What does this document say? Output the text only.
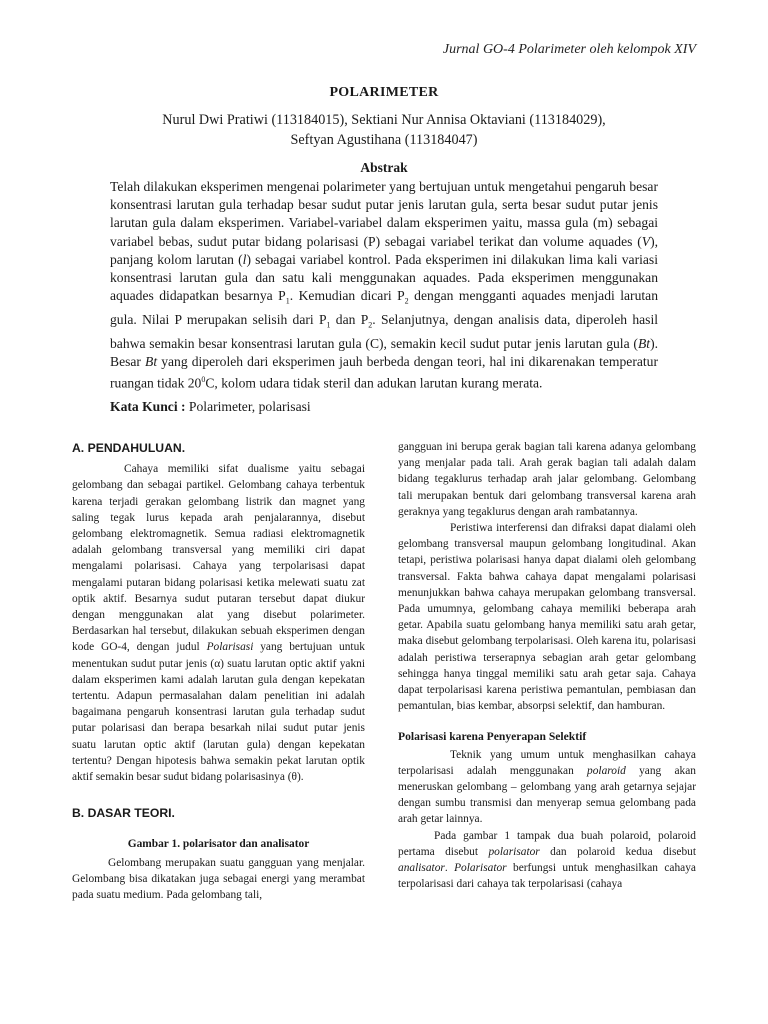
Jurnal GO-4 Polarimeter oleh kelompok XIV
POLARIMETER
Nurul Dwi Pratiwi (113184015), Sektiani Nur Annisa Oktaviani (113184029),
Seftyan Agustihana (113184047)
Abstrak
Telah dilakukan eksperimen mengenai polarimeter yang bertujuan untuk mengetahui pengaruh besar konsentrasi larutan gula terhadap besar sudut putar jenis larutan gula, serta besar sudut putar jenis larutan gula dalam eksperimen. Variabel-variabel dalam eksperimen yaitu, massa gula (m) sebagai variabel bebas, sudut putar bidang polarisasi (P) sebagai variabel terikat dan volume aquades (V), panjang kolom larutan (l) sebagai variabel kontrol. Pada eksperimen ini dilakukan lima kali variasi konsentrasi larutan gula dan satu kali menggunakan aquades. Pada eksperimen menggunakan aquades didapatkan besarnya $P_1$. Kemudian dicari $P_2$ dengan mengganti aquades menjadi larutan gula. Nilai P merupakan selisih dari $P_1$ dan $P_2$. Selanjutnya, dengan analisis data, diperoleh hasil bahwa semakin besar konsentrasi larutan gula (C), semakin kecil sudut putar jenis larutan gula (Bt). Besar Bt yang diperoleh dari eksperimen jauh berbeda dengan teori, hal ini dikarenakan temperatur ruangan tidak $20^0C$, kolom udara tidak steril dan adukan larutan kurang merata.
Kata Kunci : Polarimeter, polarisasi

A. PENDAHULUAN.

Cahaya memiliki sifat dualisme yaitu sebagai gelombang dan sebagai partikel. Gelombang cahaya terbentuk karena terjadi gerakan gelombang listrik dan magnet yang saling tegak lurus kepada arah penjalarannya, disebut gelombang elektromagnetik. Semua radiasi elektromagnetik adalah gelombang transversal yang memiliki ciri dapat mengalami polarisasi. Cahaya yang terpolarisasi dapat mengalami putaran bidang polarisasi ketika melewati suatu zat optik aktif. Besarnya sudut putaran tersebut dapat diukur dengan menggunakan alat yang disebut polarimeter. Berdasarkan hal tersebut, dilakukan sebuah eksperimen dengan kode GO-4, dengan judul Polarisasi yang bertujuan untuk menentukan sudut putar jenis (α) suatu larutan optic aktif yakni dalam eksperimen kami adalah larutan gula dengan kepekatan tertentu. Adapun permasalahan dalam penelitian ini adalah bagaimana pengaruh konsentrasi larutan gula terhadap sudut putar polarisasi dan berapa besarkah nilai sudut putar jenis suatu larutan optic aktif (larutan gula) dengan kepekatan tertentu? Dengan hipotesis bahwa semakin pekat larutan optik aktif semakin besar sudut bidang polarisasinya (θ).

B. DASAR TEORI.

Gambar 1. polarisator dan analisator

Gelombang merupakan suatu gangguan yang menjalar. Gelombang bisa dikatakan juga sebagai energi yang merambat pada suatu medium. Pada gelombang tali,

gangguan ini berupa gerak bagian tali karena adanya gelombang yang menjalar pada tali. Arah gerak bagian tali adalah dalam bidang tegaklurus terhadap arah jalar gelombang. Gelombang tali merupakan bentuk dari gelombang transversal karena arah geraknya yang tegaklurus dengan arah rambatannya.

Peristiwa interferensi dan difraksi dapat dialami oleh gelombang transversal maupun gelombang longitudinal. Akan tetapi, peristiwa polarisasi hanya dapat dialami oleh gelombang transversal. Fakta bahwa cahaya dapat mengalami polarisasi menunjukkan bahwa cahaya merupakan gelombang transversal. Pada umumnya, gelombang cahaya memiliki beberapa arah getar. Apabila suatu gelombang hanya memiliki satu arah getar, maka disebut gelombang terpolarisasi. Oleh karena itu, polarisasi adalah peristiwa terserapnya sebagian arah getar gelombang sehingga hanya tinggal memiliki satu arah getar saja. Cahaya dapat terpolarisasi karena peristiwa pemantulan, pembiasan dan pemantulan, bias kembar, absorpsi selektif, dan hamburan.

Polarisasi karena Penyerapan Selektif

Teknik yang umum untuk menghasilkan cahaya terpolarisasi adalah menggunakan polaroid yang akan meneruskan gelombang – gelombang yang arah getarnya sejajar dengan sumbu transmisi dan menyerap semua gelombang pada arah getar lainnya.

Pada gambar 1 tampak dua buah polaroid, polaroid pertama disebut polarisator dan polaroid kedua disebut analisator. Polarisator berfungsi untuk menghasilkan cahaya terpolarisasi dari cahaya tak terpolarisasi (cahaya
